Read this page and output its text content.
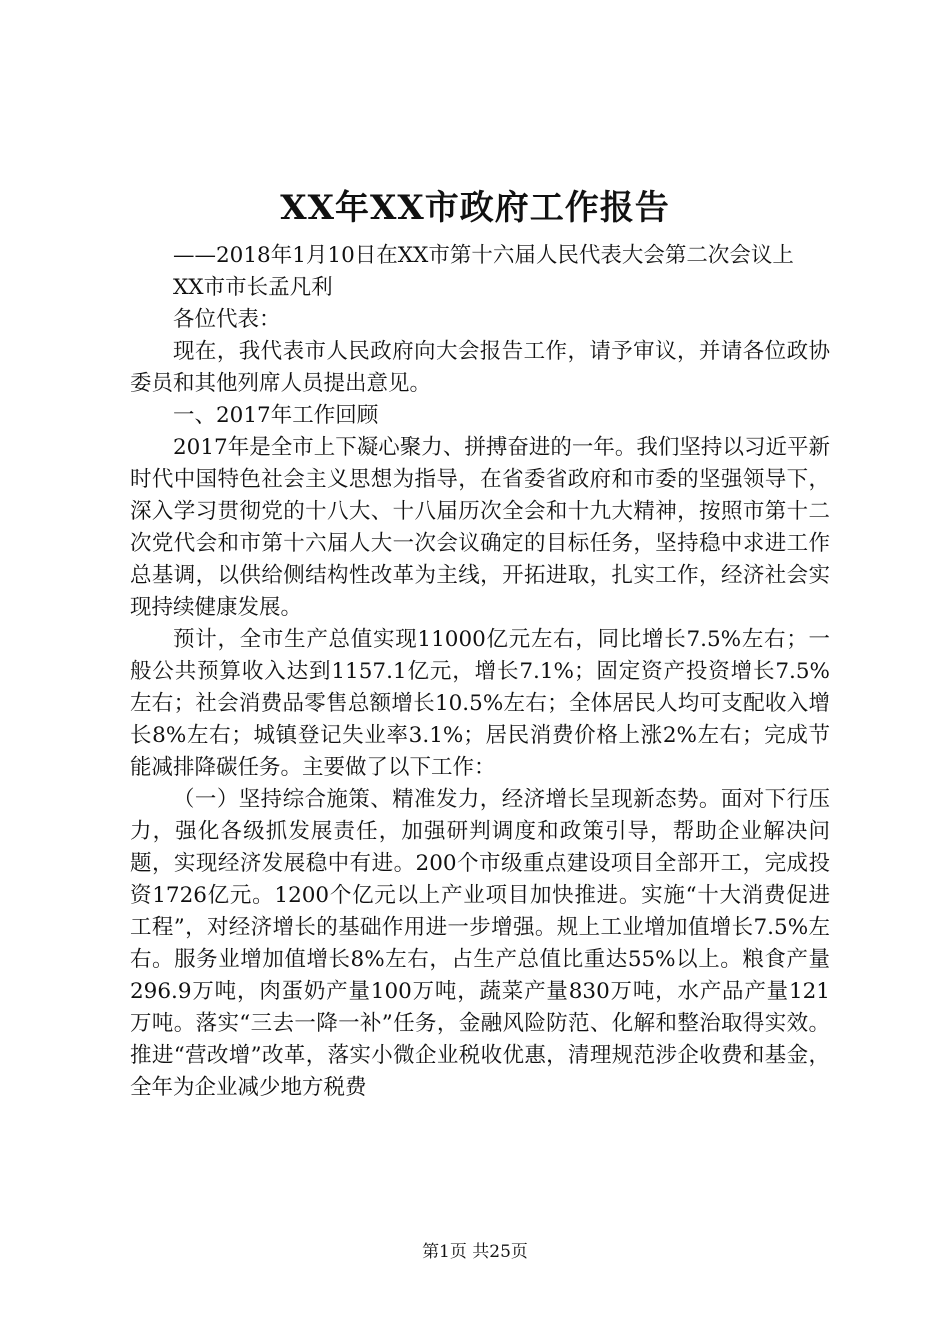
XX年XX市政府工作报告

——2018年1月10日在XX市第十六届人民代表大会第二次会议上

XX市市长孟凡利

各位代表：

现在，我代表市人民政府向大会报告工作，请予审议，并请各位政协委员和其他列席人员提出意见。

一、2017年工作回顾

2017年是全市上下凝心聚力、拼搏奋进的一年。我们坚持以习近平新时代中国特色社会主义思想为指导，在省委省政府和市委的坚强领导下，深入学习贯彻党的十八大、十八届历次全会和十九大精神，按照市第十二次党代会和市第十六届人大一次会议确定的目标任务，坚持稳中求进工作总基调，以供给侧结构性改革为主线，开拓进取，扎实工作，经济社会实现持续健康发展。

预计，全市生产总值实现11000亿元左右，同比增长7.5%左右；一般公共预算收入达到1157.1亿元，增长7.1%；固定资产投资增长7.5%左右；社会消费品零售总额增长10.5%左右；全体居民人均可支配收入增长8%左右；城镇登记失业率3.1%；居民消费价格上涨2%左右；完成节能减排降碳任务。主要做了以下工作：

（一）坚持综合施策、精准发力，经济增长呈现新态势。面对下行压力，强化各级抓发展责任，加强研判调度和政策引导，帮助企业解决问题，实现经济发展稳中有进。200个市级重点建设项目全部开工，完成投资1726亿元。1200个亿元以上产业项目加快推进。实施“十大消费促进工程”，对经济增长的基础作用进一步增强。规上工业增加值增长7.5%左右。服务业增加值增长8%左右，占生产总值比重达55%以上。粮食产量296.9万吨，肉蛋奶产量100万吨，蔬菜产量830万吨，水产品产量121万吨。落实“三去一降一补”任务，金融风险防范、化解和整治取得实效。推进“营改增”改革，落实小微企业税收优惠，清理规范涉企收费和基金，全年为企业减少地方税费

第1页 共25页
